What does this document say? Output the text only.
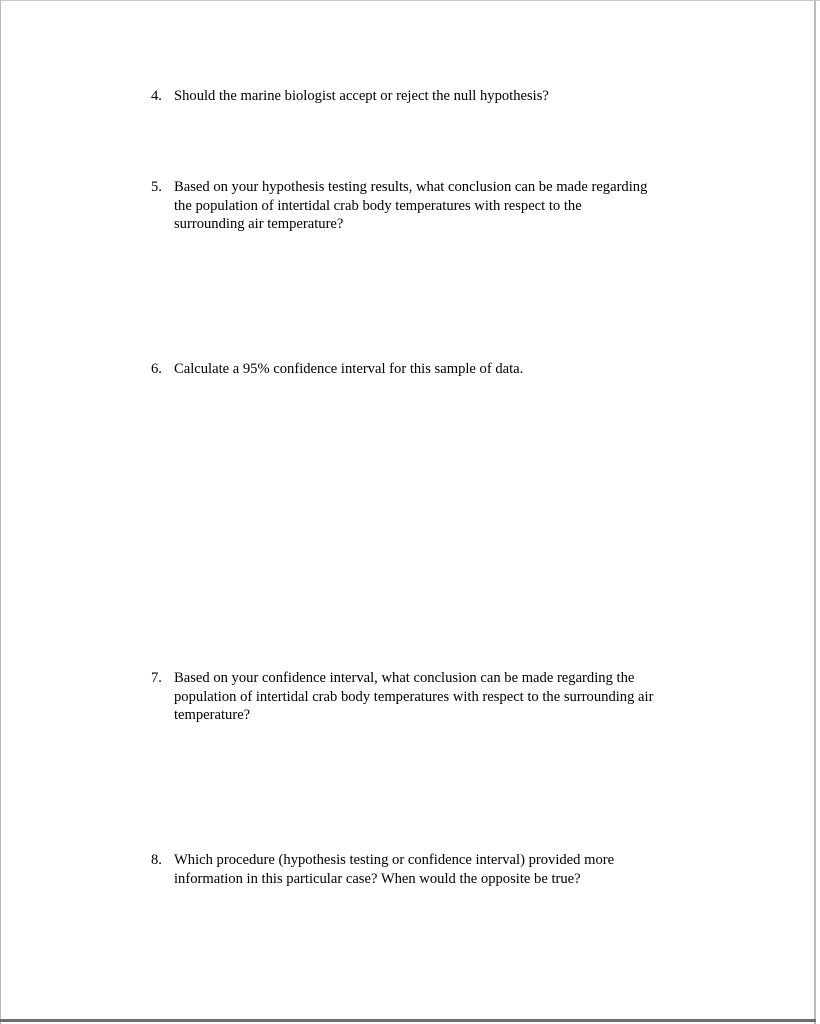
4. Should the marine biologist accept or reject the null hypothesis?
5. Based on your hypothesis testing results, what conclusion can be made regarding
the population of intertidal crab body temperatures with respect to the
surrounding air temperature?
6. Calculate a 95% confidence interval for this sample of data.
7. Based on your confidence interval, what conclusion can be made regarding the
population of intertidal crab body temperatures with respect to the surrounding air
temperature?
8. Which procedure (hypothesis testing or confidence interval) provided more
information in this particular case? When would the opposite be true?
